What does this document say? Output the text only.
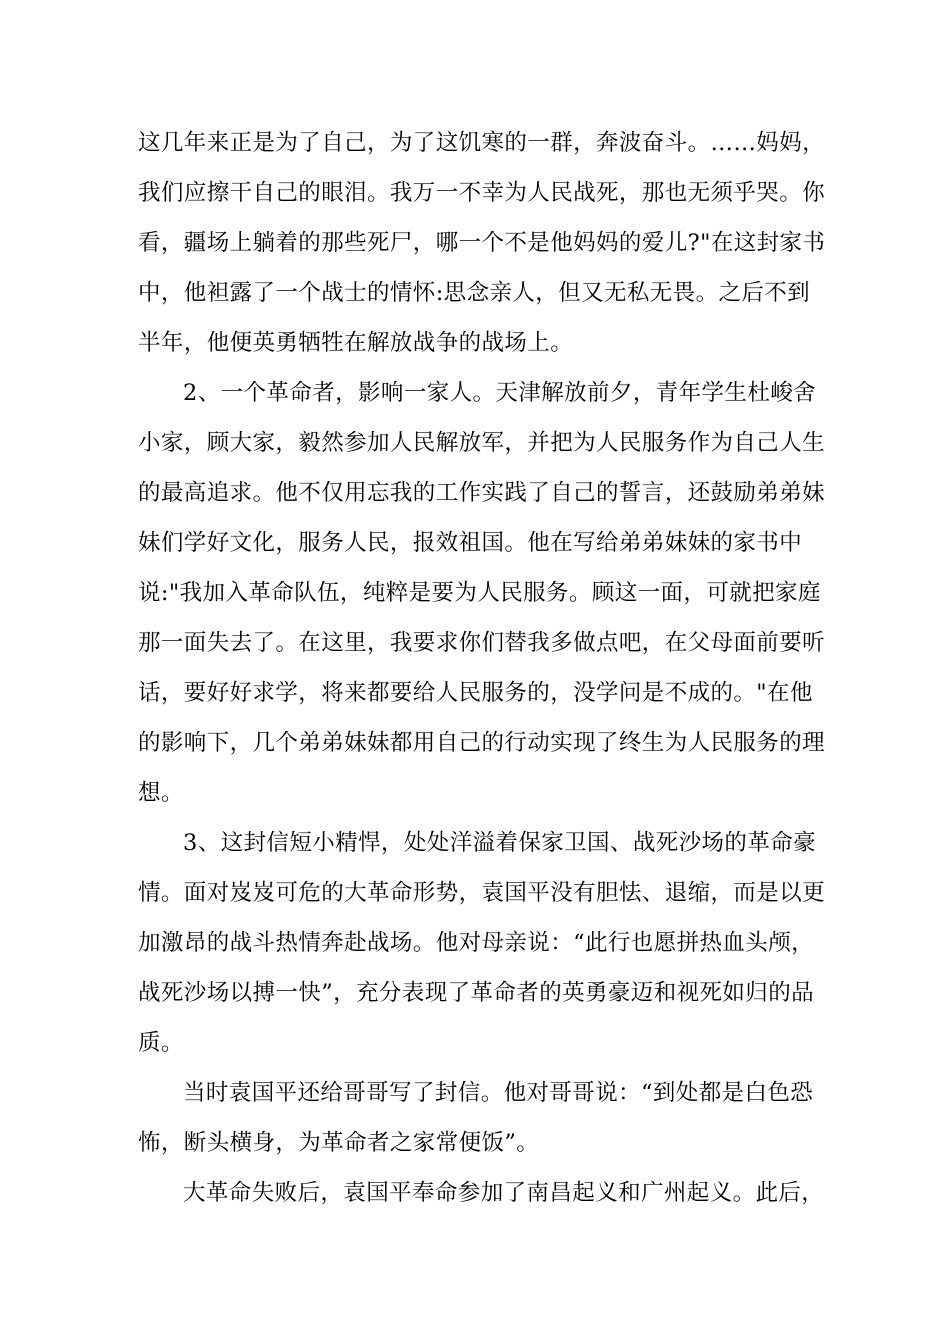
这几年来正是为了自己，为了这饥寒的一群，奔波奋斗。……妈妈，
我们应擦干自己的眼泪。我万一不幸为人民战死，那也无须乎哭。你
看，疆场上躺着的那些死尸，哪一个不是他妈妈的爱儿?"在这封家书
中，他袒露了一个战士的情怀:思念亲人，但又无私无畏。之后不到
半年，他便英勇牺牲在解放战争的战场上。
2、一个革命者，影响一家人。天津解放前夕，青年学生杜峻舍
小家，顾大家，毅然参加人民解放军，并把为人民服务作为自己人生
的最高追求。他不仅用忘我的工作实践了自己的誓言，还鼓励弟弟妹
妹们学好文化，服务人民，报效祖国。他在写给弟弟妹妹的家书中
说:"我加入革命队伍，纯粹是要为人民服务。顾这一面，可就把家庭
那一面失去了。在这里，我要求你们替我多做点吧，在父母面前要听
话，要好好求学，将来都要给人民服务的，没学问是不成的。"在他
的影响下，几个弟弟妹妹都用自己的行动实现了终生为人民服务的理
想。
3、这封信短小精悍，处处洋溢着保家卫国、战死沙场的革命豪
情。面对岌岌可危的大革命形势，袁国平没有胆怯、退缩，而是以更
加激昂的战斗热情奔赴战场。他对母亲说：“此行也愿拼热血头颅，
战死沙场以搏一快”，充分表现了革命者的英勇豪迈和视死如归的品
质。
当时袁国平还给哥哥写了封信。他对哥哥说：“到处都是白色恐
怖，断头横身，为革命者之家常便饭”。
大革命失败后，袁国平奉命参加了南昌起义和广州起义。此后，
